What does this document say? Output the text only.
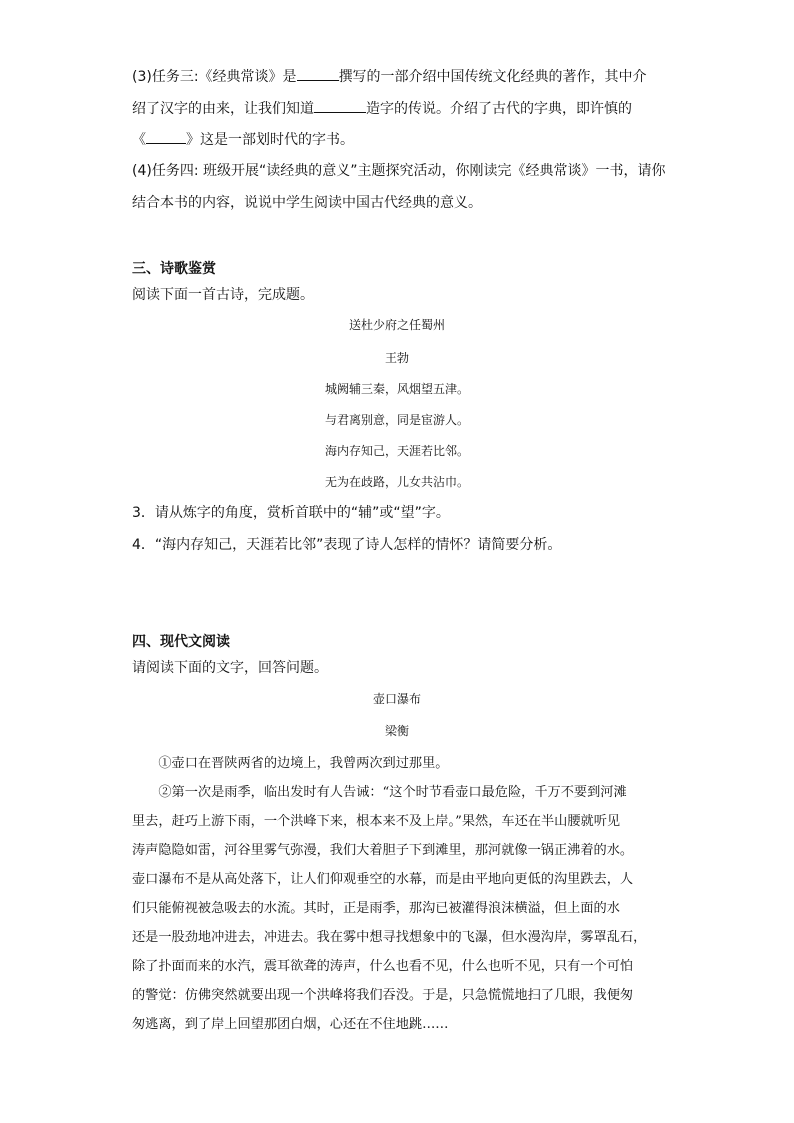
(3)任务三:《经典常谈》是	撰写的一部介绍中国传统文化经典的著作，其中介
绍了汉字的由来，让我们知道	造字的传说。介绍了古代的字典，即许慎的
《	》这是一部划时代的字书。
(4)任务四: 班级开展“读经典的意义”主题探究活动，你刚读完《经典常谈》一书，请你
结合本书的内容，说说中学生阅读中国古代经典的意义。
三、诗歌鉴赏
阅读下面一首古诗，完成题。
送杜少府之任蜀州
王勃
城阙辅三秦，风烟望五津。
与君离别意，同是宦游人。
海内存知己，天涯若比邻。
无为在歧路，儿女共沾巾。
3．请从炼字的角度，赏析首联中的“辅”或“望”字。
4．“海内存知己，天涯若比邻”表现了诗人怎样的情怀？请简要分析。
四、现代文阅读
请阅读下面的文字，回答问题。
壶口瀑布
梁衡

　　①壶口在晋陕两省的边境上，我曾两次到过那里。

　　②第一次是雨季，临出发时有人告诫：“这个时节看壶口最危险，千万不要到河滩

里去，赶巧上游下雨，一个洪峰下来，根本来不及上岸。”果然，车还在半山腰就听见

涛声隐隐如雷，河谷里雾气弥漫，我们大着胆子下到滩里，那河就像一锅正沸着的水。

壶口瀑布不是从高处落下，让人们仰观垂空的水幕，而是由平地向更低的沟里跌去，人

们只能俯视被急吸去的水流。其时，正是雨季，那沟已被灌得浪沫横溢，但上面的水

还是一股劲地冲进去，冲进去。我在雾中想寻找想象中的飞瀑，但水漫沟岸，雾罩乱石，

除了扑面而来的水汽，震耳欲聋的涛声，什么也看不见，什么也听不见，只有一个可怕

的警觉：仿佛突然就要出现一个洪峰将我们吞没。于是，只急慌慌地扫了几眼，我便匆

匆逃离，到了岸上回望那团白烟，心还在不住地跳……
